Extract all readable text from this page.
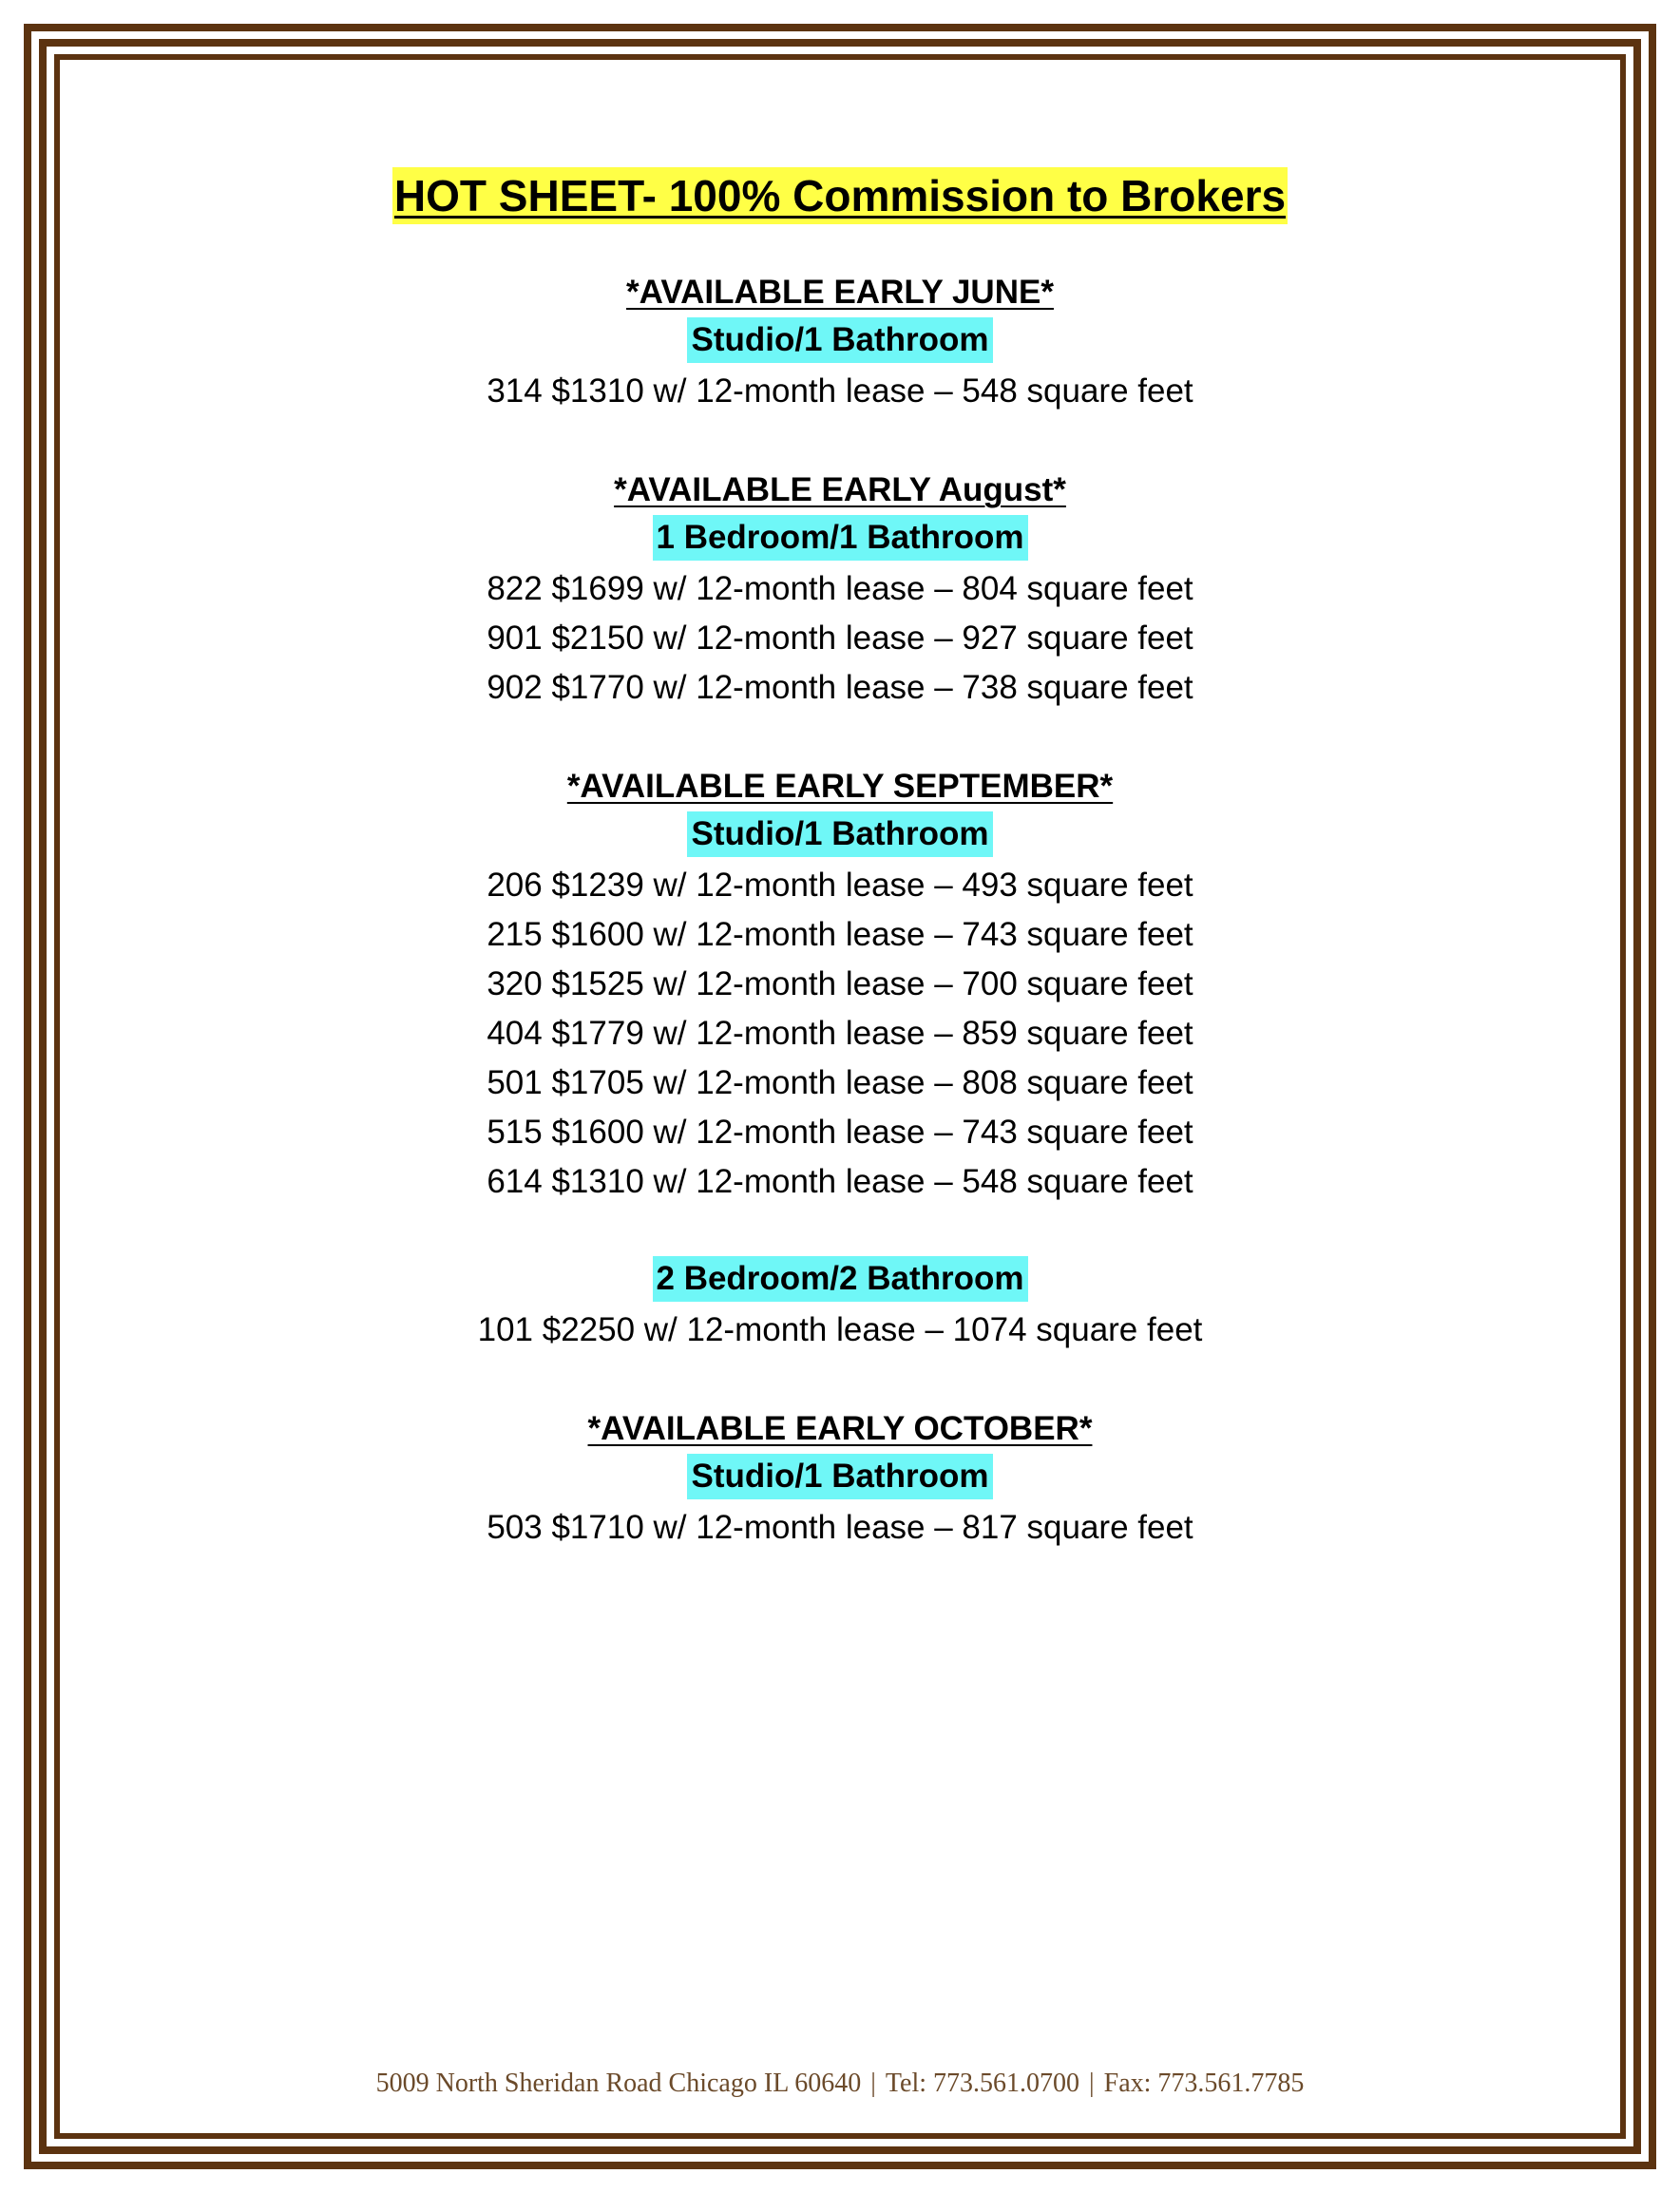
HOT SHEET- 100% Commission to Brokers
*AVAILABLE EARLY JUNE*
Studio/1 Bathroom
314 $1310 w/ 12-month lease – 548 square feet
*AVAILABLE EARLY August*
1 Bedroom/1 Bathroom
822 $1699 w/ 12-month lease – 804 square feet
901 $2150 w/ 12-month lease – 927 square feet
902 $1770 w/ 12-month lease – 738 square feet
*AVAILABLE EARLY SEPTEMBER*
Studio/1 Bathroom
206 $1239 w/ 12-month lease – 493 square feet
215 $1600 w/ 12-month lease – 743 square feet
320 $1525 w/ 12-month lease – 700 square feet
404 $1779 w/ 12-month lease – 859 square feet
501 $1705 w/ 12-month lease – 808 square feet
515 $1600 w/ 12-month lease – 743 square feet
614 $1310 w/ 12-month lease – 548 square feet
2 Bedroom/2 Bathroom
101 $2250 w/ 12-month lease – 1074 square feet
*AVAILABLE EARLY OCTOBER*
Studio/1 Bathroom
503 $1710 w/ 12-month lease – 817 square feet
5009 North Sheridan Road Chicago IL 60640 | Tel: 773.561.0700 | Fax: 773.561.7785
